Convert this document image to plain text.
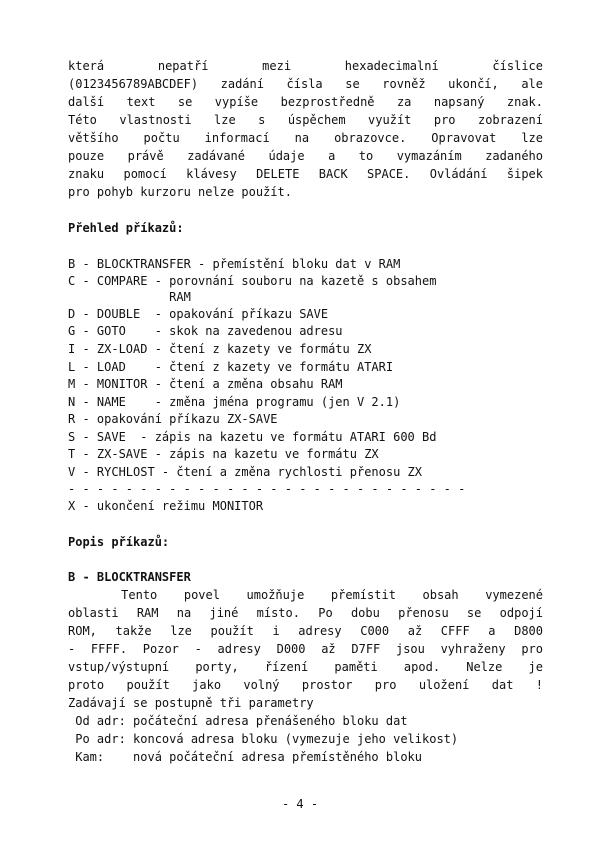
která    nepatří    mezi    hexadecimalní    číslice
(0123456789ABCDEF) zadání čísla se rovněž ukončí, ale
další text se vypíše bezprostředně za napsaný znak.
Této vlastnosti lze s úspěchem využít pro zobrazení
většího počtu informací na obrazovce. Opravovat lze
pouze právě zadávané údaje a to vymazáním zadaného
znaku pomocí klávesy DELETE BACK SPACE. Ovládání šipek
pro pohyb kurzoru nelze použít.
Přehled příkazů:
B - BLOCKTRANSFER - přemístění bloku dat v RAM
C - COMPARE - porovnání souboru na kazetě s obsahem
RAM
D - DOUBLE  - opakování příkazu SAVE
G - GOTO    - skok na zavedenou adresu
I - ZX-LOAD - čtení z kazety ve formátu ZX
L - LOAD    - čtení z kazety ve formátu ATARI
M - MONITOR - čtení a změna obsahu RAM
N - NAME    - změna jména programu (jen V 2.1)
R - opakování příkazu ZX-SAVE
S - SAVE  - zápis na kazetu ve formátu ATARI 600 Bd
T - ZX-SAVE - zápis na kazetu ve formátu ZX
V - RYCHLOST - čtení a změna rychlosti přenosu ZX
- - - - - - - - - - - - - - - - - - - - - - - - - - - -
X - ukončení režimu MONITOR
Popis příkazů:
B - BLOCKTRANSFER
Tento povel umožňuje přemístit obsah vymezené
oblasti RAM na jiné místo. Po dobu přenosu se odpojí
ROM, takže lze použít i adresy C000 až CFFF a D800
- FFFF. Pozor - adresy D000 až D7FF jsou vyhraženy pro
vstup/výstupní porty, řízení paměti apod. Nelze je
proto použít jako volný prostor pro uložení dat !
Zadávají se postupně tři parametry
Od adr: počáteční adresa přenášeného bloku dat
Po adr: koncová adresa bloku (vymezuje jeho velikost)
Kam:    nová počáteční adresa přemístěného bloku
- 4 -
